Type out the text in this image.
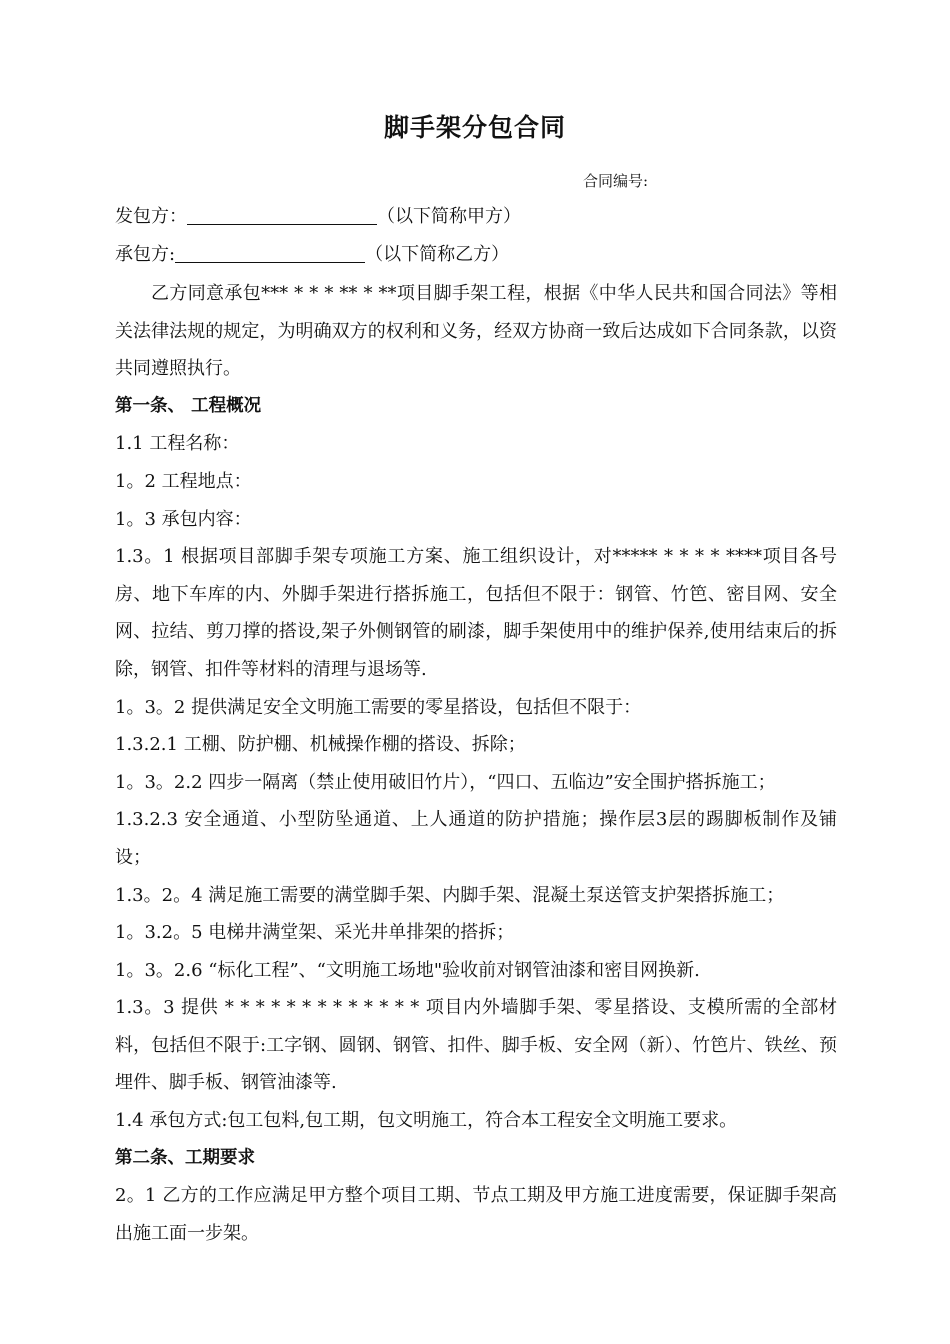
脚手架分包合同
合同编号:
发包方：	（以下简称甲方）
承包方:	（以下简称乙方）

乙方同意承包*** * * * ** * **项目脚手架工程，根据《中华人民共和国合同法》等相关法律法规的规定，为明确双方的权利和义务，经双方协商一致后达成如下合同条款，以资共同遵照执行。

第一条、 工程概况

1.1 工程名称：

1。2 工程地点：

1。3 承包内容：

1.3。1 根据项目部脚手架专项施工方案、施工组织设计，对***** * * * * ****项目各号房、地下车库的内、外脚手架进行搭拆施工，包括但不限于：钢管、竹笆、密目网、安全网、拉结、剪刀撑的搭设,架子外侧钢管的刷漆，脚手架使用中的维护保养,使用结束后的拆除，钢管、扣件等材料的清理与退场等.

1。3。2 提供满足安全文明施工需要的零星搭设，包括但不限于：

1.3.2.1 工棚、防护棚、机械操作棚的搭设、拆除；

1。3。2.2 四步一隔离（禁止使用破旧竹片），“四口、五临边”安全围护搭拆施工；

1.3.2.3 安全通道、小型防坠通道、上人通道的防护措施；操作层3层的踢脚板制作及铺设；

1.3。2。4 满足施工需要的满堂脚手架、内脚手架、混凝土泵送管支护架搭拆施工；

1。3.2。5 电梯井满堂架、采光井单排架的搭拆；

1。3。2.6 “标化工程”、“文明施工场地"验收前对钢管油漆和密目网换新.

1.3。3 提供 * * * * * * * * * * * * * 项目内外墙脚手架、零星搭设、支模所需的全部材料，包括但不限于:工字钢、圆钢、钢管、扣件、脚手板、安全网（新）、竹笆片、铁丝、预埋件、脚手板、钢管油漆等.

1.4 承包方式:包工包料,包工期，包文明施工，符合本工程安全文明施工要求。

第二条、工期要求

2。1 乙方的工作应满足甲方整个项目工期、节点工期及甲方施工进度需要，保证脚手架高出施工面一步架。
